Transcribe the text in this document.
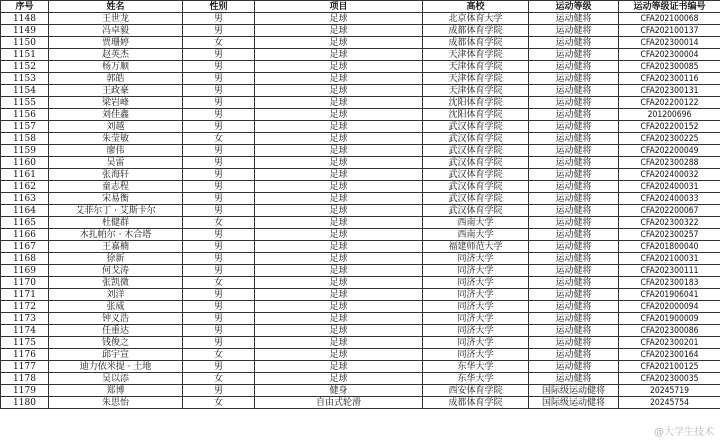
序号	姓名	性别	项目	高校	运动等级	运动等级证书编号
1148	王世龙	男	足球	北京体育大学	运动健将	CFA202100068
1149	冯卓毅	男	足球	成都体育学院	运动健将	CFA202100137
1150	贾珊婷	女	足球	成都体育学院	运动健将	CFA202300014
1151	赵英杰	男	足球	天津体育学院	运动健将	CFA202300004
1152	杨万顺	男	足球	天津体育学院	运动健将	CFA202300085
1153	郭皓	男	足球	天津体育学院	运动健将	CFA202300116
1154	王政豪	男	足球	天津体育学院	运动健将	CFA202300131
1155	梁岩峰	男	足球	沈阳体育学院	运动健将	CFA202200122
1156	刘佳鑫	男	足球	沈阳体育学院	运动健将	201200696
1157	刘越	男	足球	武汉体育学院	运动健将	CFA202200152
1158	朱莹敏	女	足球	武汉体育学院	运动健将	CFA202300225
1159	廖伟	男	足球	武汉体育学院	运动健将	CFA202200049
1160	吴雷	男	足球	武汉体育学院	运动健将	CFA202300288
1161	张海轩	男	足球	武汉体育学院	运动健将	CFA202400032
1162	童志程	男	足球	武汉体育学院	运动健将	CFA202400031
1163	宋易衡	男	足球	武汉体育学院	运动健将	CFA202400033
1164	艾菲尔丁 · 艾斯卡尔	男	足球	武汉体育学院	运动健将	CFA202200067
1165	杜健群	女	足球	西南大学	运动健将	CFA202300322
1166	木扎帕尔 · 木合塔	男	足球	西南大学	运动健将	CFA202300257
1167	王嘉楠	男	足球	福建师范大学	运动健将	CFA201800040
1168	徐新	男	足球	同济大学	运动健将	CFA202100031
1169	何戈涛	男	足球	同济大学	运动健将	CFA202300111
1170	张凯微	女	足球	同济大学	运动健将	CFA202300183
1171	刘洋	男	足球	同济大学	运动健将	CFA201906041
1172	张威	男	足球	同济大学	运动健将	CFA202000094
1173	钟义浩	男	足球	同济大学	运动健将	CFA201900009
1174	任重达	男	足球	同济大学	运动健将	CFA202300086
1175	钱俊之	男	足球	同济大学	运动健将	CFA202300201
1176	邱宇宣	女	足球	同济大学	运动健将	CFA202300164
1177	迪力依米提 · 土地	男	足球	东华大学	运动健将	CFA202100125
1178	吴以添	女	足球	东华大学	运动健将	CFA202300035
1179	郑博	男	健身	西安体育学院	国际级运动健将	20245719
1180	朱思怡	女	自由式轮滑	成都体育学院	国际级运动健将	20245754
@大学生技术
